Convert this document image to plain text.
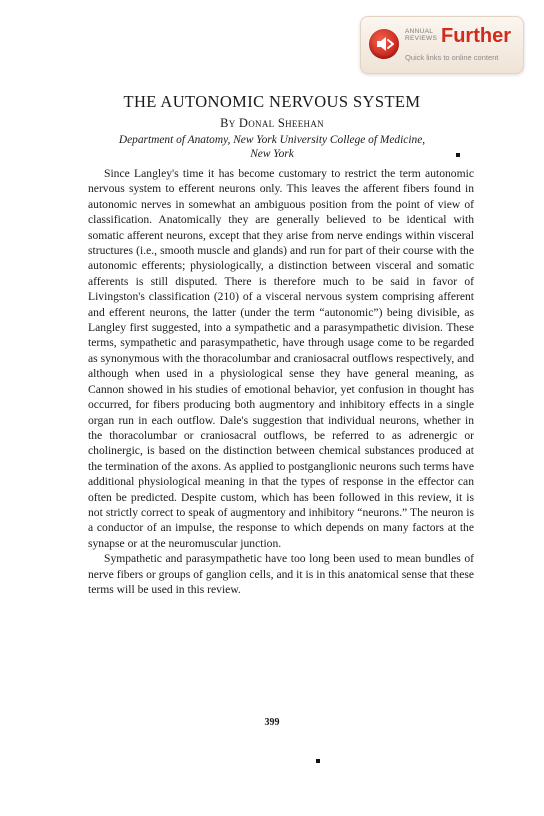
ANNUAL
REVIEWS Further
Quick links to online content
THE AUTONOMIC NERVOUS SYSTEM
By Donal Sheehan
Department of Anatomy, New York University College of Medicine,
New York

Since Langley's time it has become customary to restrict the term autonomic nervous system to efferent neurons only. This leaves the afferent fibers found in autonomic nerves in somewhat an ambiguous position from the point of view of classification. Anatomically they are generally believed to be identical with somatic afferent neurons, except that they arise from nerve endings within visceral structures (i.e., smooth muscle and glands) and run for part of their course with the autonomic efferents; physiologically, a distinction between visceral and somatic afferents is still disputed. There is therefore much to be said in favor of Livingston's classification (210) of a visceral nervous system comprising afferent and efferent neurons, the latter (under the term “autonomic”) being divisible, as Langley first suggested, into a sympathetic and a parasympathetic division. These terms, sympathetic and parasympathetic, have through usage come to be regarded as synonymous with the thoracolumbar and craniosacral outflows respectively, and although when used in a physiological sense they have general meaning, as Cannon showed in his studies of emotional behavior, yet confusion in thought has occurred, for fibers producing both augmentory and inhibitory effects in a single organ run in each outflow. Dale's suggestion that individual neurons, whether in the thoracolumbar or craniosacral outflows, be referred to as adrenergic or cholinergic, is based on the distinction between chemical substances produced at the termination of the axons. As applied to postganglionic neurons such terms have additional physiological meaning in that the types of response in the effector can often be predicted. Despite custom, which has been followed in this review, it is not strictly correct to speak of augmentory and inhibitory “neurons.” The neuron is a conductor of an impulse, the response to which depends on many factors at the synapse or at the neuromuscular junction.

Sympathetic and parasympathetic have too long been used to mean bundles of nerve fibers or groups of ganglion cells, and it is in this anatomical sense that these terms will be used in this review.

399
